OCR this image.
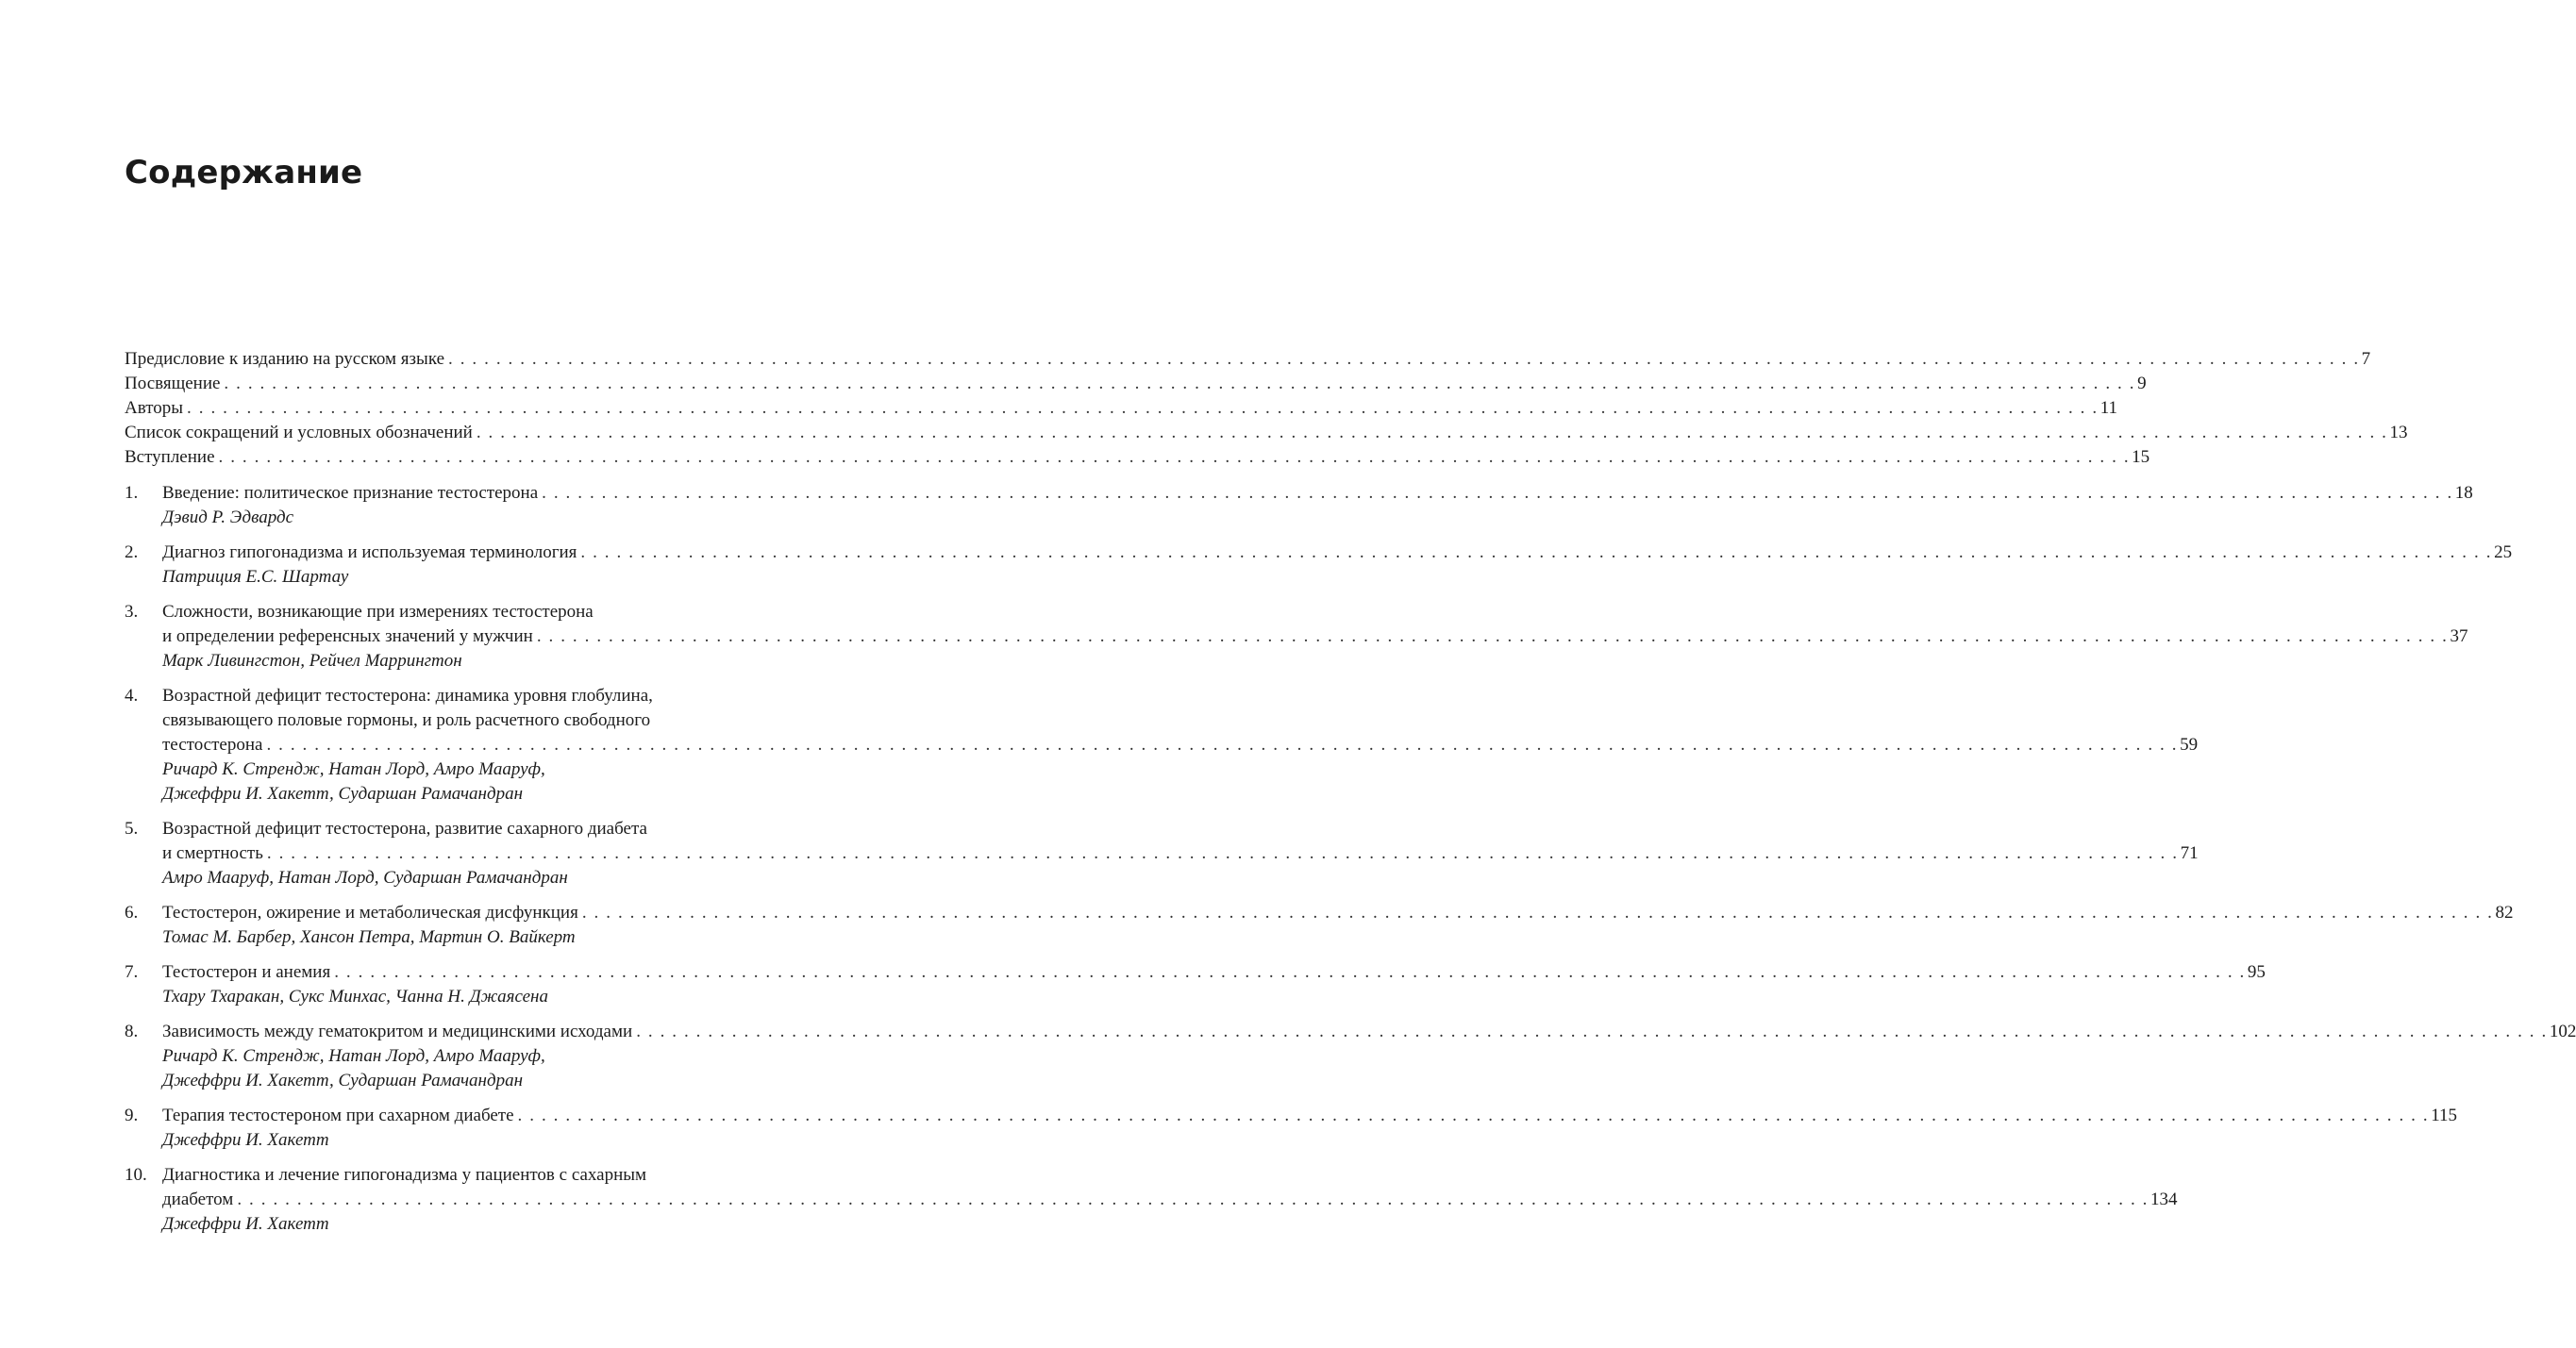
Содержание
Предисловие к изданию на русском языке . . . . . . . . . . . . . . . . . . . . . . . . . . . . . . . . . . . . . . . . . . . . . . . . . . . . . . . . . . . . . . . . . . . . . . . . . . . . . . . . . . . . . . . . . . . . . . . . . . . . . . . . . . . . . . . . . . . . . . . . . . . . . . . . . . . . . . . . . . . . . . . . . . . . . . . . . . . . . . . . 7
Посвящение . . . . . . . . . . . . . . . . . . . . . . . . . . . . . . . . . . . . . . . . . . . . . . . . . . . . . . . . . . . . . . . . . . . . . . . . . . . . . . . . . . . . . . . . . . . . . . . . . . . . . . . . . . . . . . . . . . . . . . . . . . . . . . . . . . . . . . . . . . . . . . . . . . . . . . . . . . . . . . . . 9
Авторы . . . . . . . . . . . . . . . . . . . . . . . . . . . . . . . . . . . . . . . . . . . . . . . . . . . . . . . . . . . . . . . . . . . . . . . . . . . . . . . . . . . . . . . . . . . . . . . . . . . . . . . . . . . . . . . . . . . . . . . . . . . . . . . . . . . . . . . . . . . . . . . . . . . . . . . . . . . . . . . . 11
Список сокращений и условных обозначений . . . . . . . . . . . . . . . . . . . . . . . . . . . . . . . . . . . . . . . . . . . . . . . . . . . . . . . . . . . . . . . . . . . . . . . . . . . . . . . . . . . . . . . . . . . . . . . . . . . . . . . . . . . . . . . . . . . . . . . . . . . . . . . . . . . . . . . . . . . . . . . . . . . . . . . . . . . . . . . . 13
Вступление . . . . . . . . . . . . . . . . . . . . . . . . . . . . . . . . . . . . . . . . . . . . . . . . . . . . . . . . . . . . . . . . . . . . . . . . . . . . . . . . . . . . . . . . . . . . . . . . . . . . . . . . . . . . . . . . . . . . . . . . . . . . . . . . . . . . . . . . . . . . . . . . . . . . . . . . . . . . . . . . 15
1.	Введение: политическое признание тестостерона . . . . . . . . . . . . . . . . . . . . . . . . . . . . . . . . . . . . . . . . . . . . . . . . . . . . . . . . . . . . . . . . . . . . . . . . . . . . . . . . . . . . . . . . . . . . . . . . . . . . . . . . . . . . . . . . . . . . . . . . . . . . . . . . . . . . . . . . . . . . . . . . . . . . . . . . . . . . . . . . 18
Дэвид Р. Эдвардс
2.	Диагноз гипогонадизма и используемая терминология . . . . . . . . . . . . . . . . . . . . . . . . . . . . . . . . . . . . . . . . . . . . . . . . . . . . . . . . . . . . . . . . . . . . . . . . . . . . . . . . . . . . . . . . . . . . . . . . . . . . . . . . . . . . . . . . . . . . . . . . . . . . . . . . . . . . . . . . . . . . . . . . . . . . . . . . . . . . . . . . 25
Патриция Е.С. Шартау
3.	Сложности, возникающие при измерениях тестостерона
и определении референсных значений у мужчин . . . . . . . . . . . . . . . . . . . . . . . . . . . . . . . . . . . . . . . . . . . . . . . . . . . . . . . . . . . . . . . . . . . . . . . . . . . . . . . . . . . . . . . . . . . . . . . . . . . . . . . . . . . . . . . . . . . . . . . . . . . . . . . . . . . . . . . . . . . . . . . . . . . . . . . . . . . . . . . . 37
Марк Ливингстон, Рейчел Маррингтон
4.	Возрастной дефицит тестостерона: динамика уровня глобулина,
связывающего половые гормоны, и роль расчетного свободного
тестостерона . . . . . . . . . . . . . . . . . . . . . . . . . . . . . . . . . . . . . . . . . . . . . . . . . . . . . . . . . . . . . . . . . . . . . . . . . . . . . . . . . . . . . . . . . . . . . . . . . . . . . . . . . . . . . . . . . . . . . . . . . . . . . . . . . . . . . . . . . . . . . . . . . . . . . . . . . . . . . . . . 59
Ричард К. Стрендж, Натан Лорд, Амро Мааруф,
Джеффри И. Хакетт, Сударшан Рамачандран
5.	Возрастной дефицит тестостерона, развитие сахарного диабета
и смертность . . . . . . . . . . . . . . . . . . . . . . . . . . . . . . . . . . . . . . . . . . . . . . . . . . . . . . . . . . . . . . . . . . . . . . . . . . . . . . . . . . . . . . . . . . . . . . . . . . . . . . . . . . . . . . . . . . . . . . . . . . . . . . . . . . . . . . . . . . . . . . . . . . . . . . . . . . . . . . . . 71
Амро Мааруф, Натан Лорд, Сударшан Рамачандран
6.	Тестостерон, ожирение и метаболическая дисфункция . . . . . . . . . . . . . . . . . . . . . . . . . . . . . . . . . . . . . . . . . . . . . . . . . . . . . . . . . . . . . . . . . . . . . . . . . . . . . . . . . . . . . . . . . . . . . . . . . . . . . . . . . . . . . . . . . . . . . . . . . . . . . . . . . . . . . . . . . . . . . . . . . . . . . . . . . . . . . . . . 82
Томас М. Барбер, Хансон Петра, Мартин О. Вайкерт
7.	Тестостерон и анемия . . . . . . . . . . . . . . . . . . . . . . . . . . . . . . . . . . . . . . . . . . . . . . . . . . . . . . . . . . . . . . . . . . . . . . . . . . . . . . . . . . . . . . . . . . . . . . . . . . . . . . . . . . . . . . . . . . . . . . . . . . . . . . . . . . . . . . . . . . . . . . . . . . . . . . . . . . . . . . . . 95
Тхару Тхаракан, Сукс Минхас, Чанна Н. Джаясена
8.	Зависимость между гематокритом и медицинскими исходами . . . . . . . . . . . . . . . . . . . . . . . . . . . . . . . . . . . . . . . . . . . . . . . . . . . . . . . . . . . . . . . . . . . . . . . . . . . . . . . . . . . . . . . . . . . . . . . . . . . . . . . . . . . . . . . . . . . . . . . . . . . . . . . . . . . . . . . . . . . . . . . . . . . . . . . . . . . . . . . . 102
Ричард К. Стрендж, Натан Лорд, Амро Мааруф,
Джеффри И. Хакетт, Сударшан Рамачандран
9.	Терапия тестостероном при сахарном диабете . . . . . . . . . . . . . . . . . . . . . . . . . . . . . . . . . . . . . . . . . . . . . . . . . . . . . . . . . . . . . . . . . . . . . . . . . . . . . . . . . . . . . . . . . . . . . . . . . . . . . . . . . . . . . . . . . . . . . . . . . . . . . . . . . . . . . . . . . . . . . . . . . . . . . . . . . . . . . . . . 115
Джеффри И. Хакетт
10. Диагностика и лечение гипогонадизма у пациентов с сахарным
диабетом . . . . . . . . . . . . . . . . . . . . . . . . . . . . . . . . . . . . . . . . . . . . . . . . . . . . . . . . . . . . . . . . . . . . . . . . . . . . . . . . . . . . . . . . . . . . . . . . . . . . . . . . . . . . . . . . . . . . . . . . . . . . . . . . . . . . . . . . . . . . . . . . . . . . . . . . . . . . . . . . 134
Джеффри И. Хакетт
